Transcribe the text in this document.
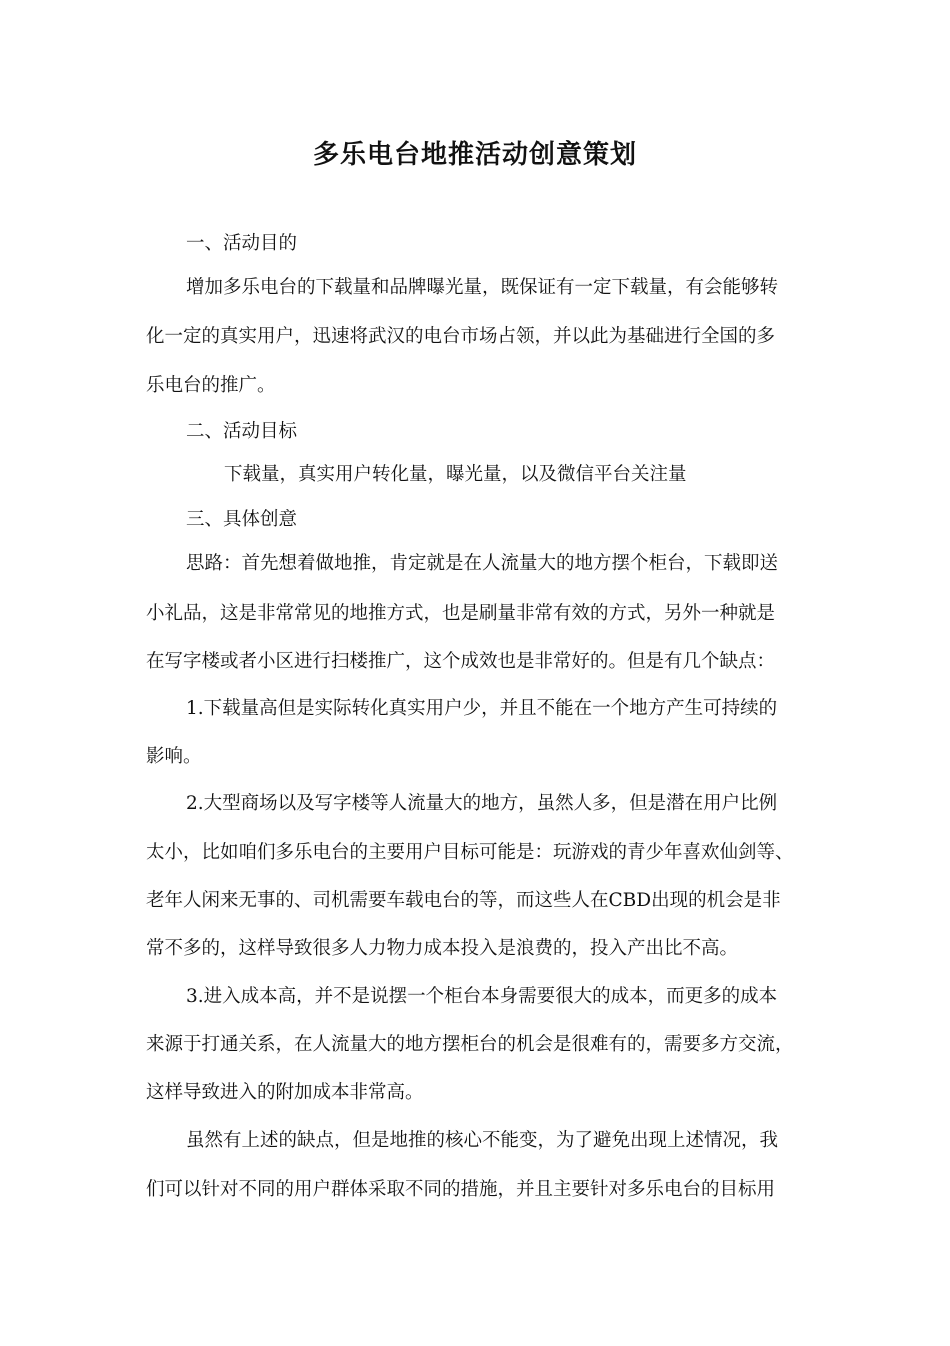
多乐电台地推活动创意策划

一、活动目的

增加多乐电台的下载量和品牌曝光量，既保证有一定下载量，有会能够转

化一定的真实用户，迅速将武汉的电台市场占领，并以此为基础进行全国的多

乐电台的推广。

二、活动目标

下载量，真实用户转化量，曝光量，以及微信平台关注量

三、具体创意

思路：首先想着做地推，肯定就是在人流量大的地方摆个柜台，下载即送

小礼品，这是非常常见的地推方式，也是刷量非常有效的方式，另外一种就是

在写字楼或者小区进行扫楼推广，这个成效也是非常好的。但是有几个缺点：

1.下载量高但是实际转化真实用户少，并且不能在一个地方产生可持续的

影响。

2.大型商场以及写字楼等人流量大的地方，虽然人多，但是潜在用户比例

太小，比如咱们多乐电台的主要用户目标可能是：玩游戏的青少年喜欢仙剑等、

老年人闲来无事的、司机需要车载电台的等，而这些人在CBD出现的机会是非

常不多的，这样导致很多人力物力成本投入是浪费的，投入产出比不高。

3.进入成本高，并不是说摆一个柜台本身需要很大的成本，而更多的成本

来源于打通关系，在人流量大的地方摆柜台的机会是很难有的，需要多方交流，

这样导致进入的附加成本非常高。

虽然有上述的缺点，但是地推的核心不能变，为了避免出现上述情况，我

们可以针对不同的用户群体采取不同的措施，并且主要针对多乐电台的目标用
